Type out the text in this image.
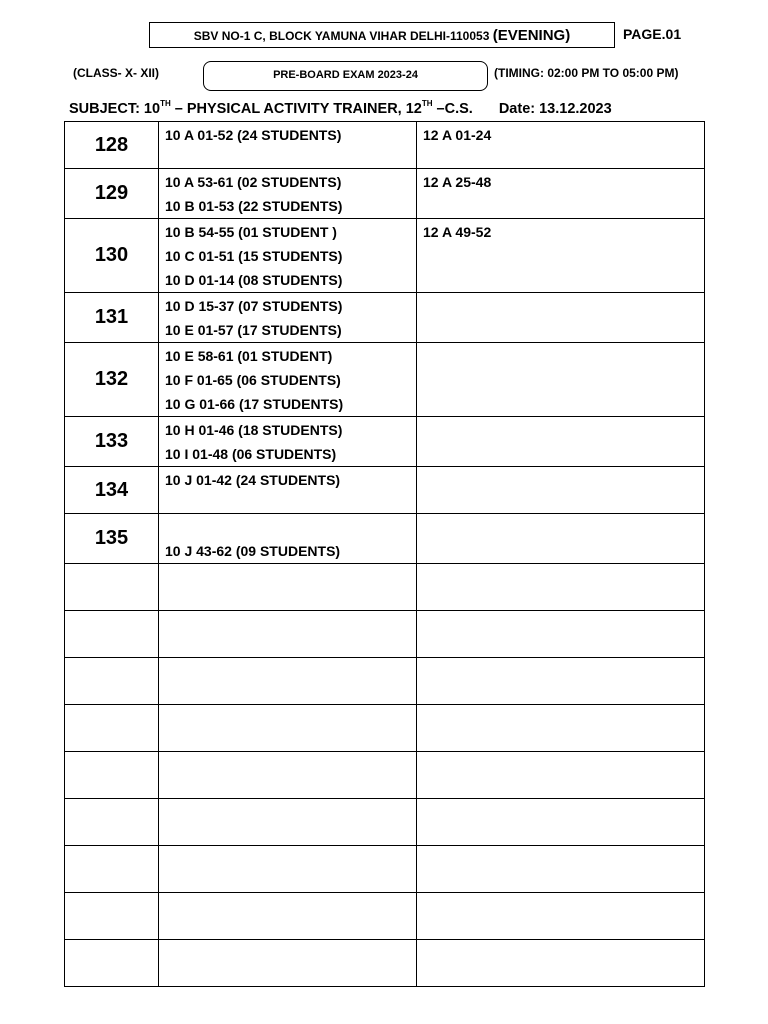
SBV NO-1 C, BLOCK YAMUNA VIHAR DELHI-110053 (EVENING)	PAGE.01
(CLASS- X- XII)	PRE-BOARD EXAM 2023-24	(TIMING: 02:00 PM TO 05:00 PM)
SUBJECT: 10TH – PHYSICAL ACTIVITY TRAINER, 12TH –C.S. Date: 13.12.2023
128	10 A 01-52 (24 STUDENTS)	12 A 01-24

129	10 A 53-61 (02 STUDENTS)
10 B 01-53 (22 STUDENTS)	12 A 25-48

130	10 B 54-55 (01 STUDENT )
10 C 01-51 (15 STUDENTS)
10 D 01-14 (08 STUDENTS)	12 A 49-52

131	10 D 15-37 (07 STUDENTS)
10 E 01-57 (17 STUDENTS)	

132	10 E 58-61 (01 STUDENT)
10 F 01-65 (06 STUDENTS)
10 G 01-66 (17 STUDENTS)	

133	10 H 01-46 (18 STUDENTS)
10 I 01-48 (06 STUDENTS)	

134	10 J 01-42 (24 STUDENTS)	

135	10 J 43-62 (09 STUDENTS)	
